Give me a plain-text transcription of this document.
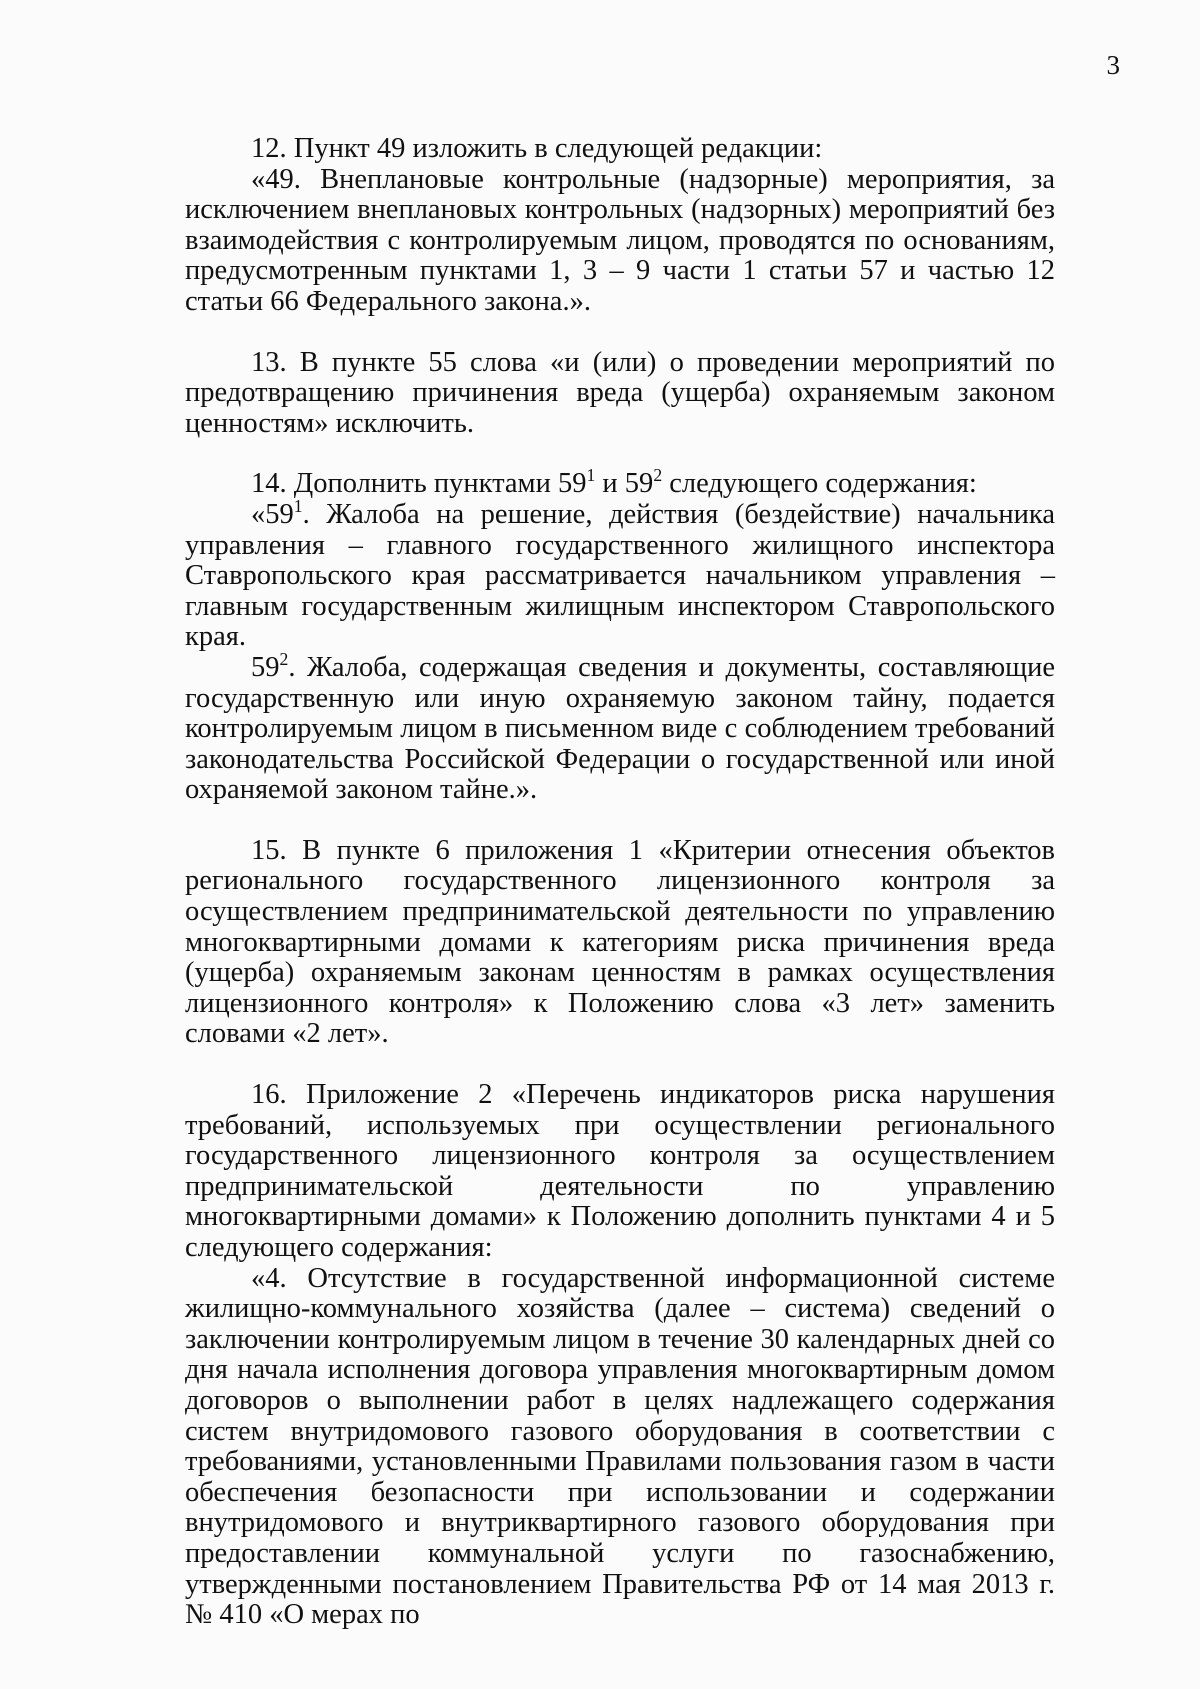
3

12. Пункт 49 изложить в следующей редакции:

«49. Внеплановые контрольные (надзорные) мероприятия, за исключением внеплановых контрольных (надзорных) мероприятий без взаимодействия с контролируемым лицом, проводятся по основаниям, предусмотренным пунктами 1, 3 – 9 части 1 статьи 57 и частью 12 статьи 66 Федерального закона.».

13. В пункте 55 слова «и (или) о проведении мероприятий по предотвращению причинения вреда (ущерба) охраняемым законом ценностям» исключить.

14. Дополнить пунктами $59^1$ и $59^2$ следующего содержания:

«$59^1$. Жалоба на решение, действия (бездействие) начальника управления – главного государственного жилищного инспектора Ставропольского края рассматривается начальником управления – главным государственным жилищным инспектором Ставропольского края.

$59^2$. Жалоба, содержащая сведения и документы, составляющие государственную или иную охраняемую законом тайну, подается контролируемым лицом в письменном виде с соблюдением требований законодательства Российской Федерации о государственной или иной охраняемой законом тайне.».

15. В пункте 6 приложения 1 «Критерии отнесения объектов регионального государственного лицензионного контроля за осуществлением предпринимательской деятельности по управлению многоквартирными домами к категориям риска причинения вреда (ущерба) охраняемым законам ценностям в рамках осуществления лицензионного контроля» к Положению слова «3 лет» заменить словами «2 лет».

16. Приложение 2 «Перечень индикаторов риска нарушения требований, используемых при осуществлении регионального государственного лицензионного контроля за осуществлением предпринимательской деятельности по управлению многоквартирными домами» к Положению дополнить пунктами 4 и 5 следующего содержания:

«4. Отсутствие в государственной информационной системе жилищно-коммунального хозяйства (далее – система) сведений о заключении контролируемым лицом в течение 30 календарных дней со дня начала исполнения договора управления многоквартирным домом договоров о выполнении работ в целях надлежащего содержания систем внутридомового газового оборудования в соответствии с требованиями, установленными Правилами пользования газом в части обеспечения безопасности при использовании и содержании внутридомового и внутриквартирного газового оборудования при предоставлении коммунальной услуги по газоснабжению, утвержденными постановлением Правительства РФ от 14 мая 2013 г. № 410 «О мерах по
